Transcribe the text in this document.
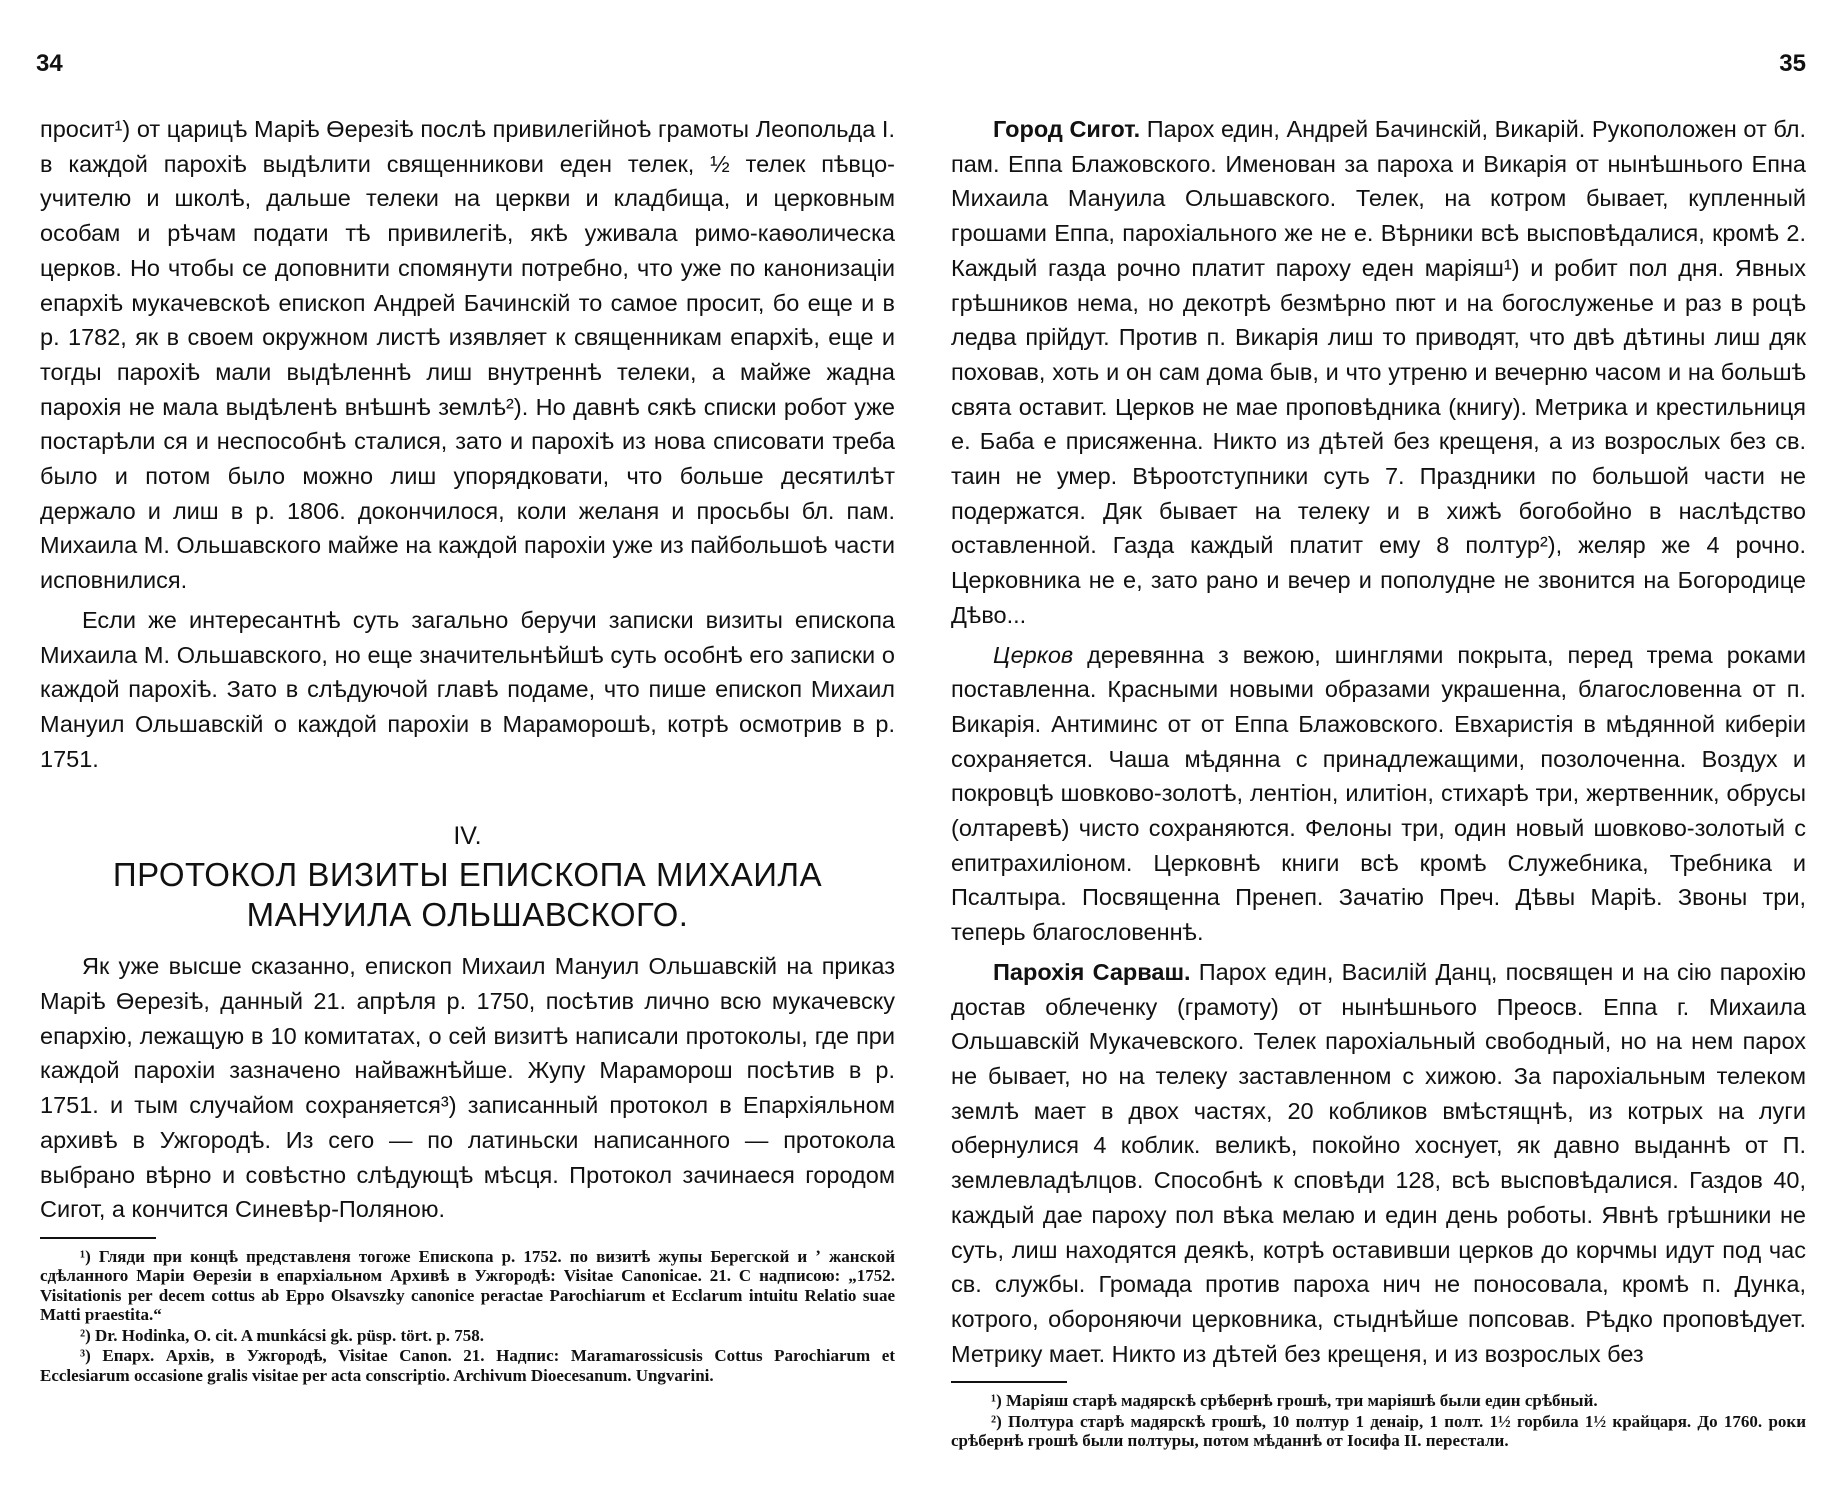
34

просит¹) от царицѣ Маріѣ Өерезіѣ послѣ привилегійноѣ грамоты Леопольда І. в каждой парохіѣ выдѣлити священникови еден телек, ½ телек пѣвцо-учителю и школѣ, дальше телеки на церкви и кладбища, и церковным особам и рѣчам подати тѣ привилегіѣ, якѣ уживала римо-каѳолическа церков. Но чтобы се доповнити спомянути потребно, что уже по канонизаціи епархіѣ мукачевскоѣ епископ Андрей Бачинскій то самое просит, бо еще и в р. 1782, як в своем окружном листѣ изявляет к священникам епархіѣ, еще и тогды парохіѣ мали выдѣленнѣ лиш внутреннѣ телеки, а майже жадна парохія не мала выдѣленѣ внѣшнѣ землѣ²). Но давнѣ сякѣ списки робот уже постарѣли ся и неспособнѣ сталися, зато и парохіѣ из нова списовати треба было и потом было можно лиш упорядковати, что больше десятилѣт держало и лиш в р. 1806. докончилося, коли желаня и просьбы бл. пам. Михаила М. Ольшавского майже на каждой парохіи уже из пайбольшоѣ части исповнилися.

Если же интересантнѣ суть загально беручи записки визиты епископа Михаила М. Ольшавского, но еще значительнѣйшѣ суть особнѣ его записки о каждой парохіѣ. Зато в слѣдуючой главѣ подаме, что пише епископ Михаил Мануил Ольшавскій о каждой парохіи в Мараморошѣ, котрѣ осмотрив в р. 1751.

IV.
ПРОТОКОЛ ВИЗИТЫ ЕПИСКОПА МИХАИЛА МАНУИЛА ОЛЬШАВСКОГО.

Як уже высше сказанно, епископ Михаил Мануил Ольшавскій на приказ Маріѣ Өерезіѣ, данный 21. апрѣля р. 1750, посѣтив лично всю мукачевску епархію, лежащую в 10 комитатах, о сей визитѣ написали протоколы, где при каждой парохіи зазначено найважнѣйше. Жупу Мараморош посѣтив в р. 1751. и тым случайом сохраняется³) записанный протокол в Епархіяльном архивѣ в Ужгородѣ. Из сего — по латиньски написанного — протокола выбрано вѣрно и совѣстно слѣдующѣ мѣсця. Протокол зачинаеся городом Сигот, а кончится Синевѣр-Поляною.

¹) Гляди при концѣ представленя тогоже Епископа р. 1752. по визитѣ жупы Берегской и ʼ жанской сдѣланного Маріи Өерезіи в епархіальном Архивѣ в Ужгородѣ: Visitae Canonicae. 21. С надписою: „1752. Visitationis per decem cottus ab Eppo Olsavszky canonice peractae Parochiarum et Ecclarum intuitu Relatio suae Matti praestita.“

²) Dr. Hodinka, O. cit. A munkácsi gk. püsp. tört. p. 758.

³) Епарх. Архів, в Ужгородѣ, Visitae Canon. 21. Надпис: Maramarossicusis Cottus Parochiarum et Ecclesiarum occasione gralis visitae per acta conscriptio. Archivum Dioecesanum. Ungvarini.

35

Город Сигот. Парох един, Андрей Бачинскій, Викарій. Рукоположен от бл. пам. Еппа Блажовского. Именован за пароха и Викарія от нынѣшнього Епна Михаила Мануила Ольшавского. Телек, на котром бывает, купленный грошами Еппа, парохіального же не е. Вѣрники всѣ высповѣдалися, кромѣ 2. Каждый газда рочно платит пароху еден маріяш¹) и робит пол дня. Явных грѣшников нема, но декотрѣ безмѣрно пют и на богослуженье и раз в роцѣ ледва прійдут. Против п. Викарія лиш то приводят, что двѣ дѣтины лиш дяк поховав, хоть и он сам дома быв, и что утреню и вечерню часом и на большѣ свята оставит. Церков не мае проповѣдника (книгу). Метрика и крестильниця е. Баба е присяженна. Никто из дѣтей без крещеня, а из возрослых без св. таин не умер. Вѣроотступники суть 7. Праздники по большой части не подержатся. Дяк бывает на телеку и в хижѣ богобойно в наслѣдство оставленной. Газда каждый платит ему 8 полтур²), желяр же 4 рочно. Церковника не е, зато рано и вечер и пополудне не звонится на Богородице Дѣво...

Церков деревянна з вежою, шинглями покрыта, перед трема роками поставленна. Красными новыми образами украшенна, благословенна от п. Викарія. Антиминс от от Еппа Блажовского. Евхаристія в мѣдянной киберіи сохраняется. Чаша мѣдянна с принадлежащими, позолоченна. Воздух и покровцѣ шовково-золотѣ, лентіон, илитіон, стихарѣ три, жертвенник, обрусы (олтаревѣ) чисто сохраняются. Фелоны три, один новый шовково-золотый с епитрахиліоном. Церковнѣ книги всѣ кромѣ Служебника, Требника и Псалтыра. Посвященна Пренеп. Зачатію Преч. Дѣвы Маріѣ. Звоны три, теперь благословеннѣ.

Парохія Сарваш. Парох един, Василій Данц, посвящен и на сію парохію достав облеченку (грамоту) от нынѣшнього Преосв. Еппа г. Михаила Ольшавскій Мукачевского. Телек парохіальный свободный, но на нем парох не бывает, но на телеку заставленном с хижою. За парохіальным телеком землѣ мает в двох частях, 20 кобликов вмѣстящнѣ, из котрых на луги обернулися 4 коблик. великѣ, покойно хоснует, як давно выданнѣ от П. землевладѣлцов. Способнѣ к сповѣди 128, всѣ высповѣдалися. Газдов 40, каждый дае пароху пол вѣка мелаю и един день роботы. Явнѣ грѣшники не суть, лиш находятся деякѣ, котрѣ оставивши церков до корчмы идут под час св. службы. Громада против пароха нич не поносовала, кромѣ п. Дунка, котрого, обороняючи церковника, стыднѣйше попсовав. Рѣдко проповѣдует. Метрику мает. Никто из дѣтей без крещеня, и из возрослых без

¹) Маріяш старѣ мадярскѣ срѣбернѣ грошѣ, три маріяшѣ были един срѣбный.

²) Полтура старѣ мадярскѣ грошѣ, 10 полтур 1 денаір, 1 полт. 1½ горбила 1½ крайцаря. До 1760. роки срѣбернѣ грошѣ были полтуры, потом мѣданнѣ от Іосифа ІІ. перестали.
